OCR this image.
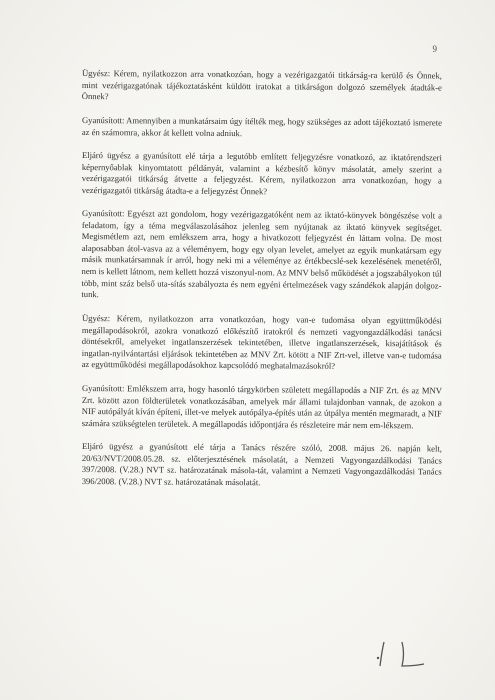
9

Ügyész: Kérem, nyilatkozzon arra vonatkozóan, hogy a vezérigazgatói titkárság-ra kerülő és Önnek, mint vezérigazgatónak tájékoztatásként küldött iratokat a titkárságon dolgozó személyek átadták-e Önnek?

Gyanúsított: Amennyiben a munkatársaim úgy ítélték meg, hogy szükséges az adott tájékoztató ismerete az én számomra, akkor át kellett volna adniuk.

Eljáró ügyész a gyanúsított elé tárja a legutóbb említett feljegyzésre vonatkozó, az iktatórendszeri képernyőablak kinyomtatott példányát, valamint a kézbesítő könyv másolatát, amely szerint a vezérigazgatói titkárság átvette a feljegyzést. Kérem, nyilatkozzon arra vonatkozóan, hogy a vezérigazgatói titkárság átadta-e a feljegyzést Önnek?

Gyanúsított: Egyészt azt gondolom, hogy vezérigazgatóként nem az iktató-könyvek böngészése volt a feladatom, így a téma megválaszolásához jelenleg sem nyújtanak az iktató könyvek segítséget. Megismétlem azt, nem emlékszem arra, hogy a hivatkozott feljegyzést én láttam volna. De most alaposabban átol-vasva az a véleményem, hogy egy olyan levelet, amelyet az egyik munkatársam egy másik munkatársamnak ír arról, hogy neki mi a véleménye az értékbecslé-sek kezelésének menetéről, nem is kellett látnom, nem kellett hozzá viszonyul-nom. Az MNV belső működését a jogszabályokon túl több, mint száz belső uta-sítás szabályozta és nem egyéni értelmezések vagy szándékok alapján dolgoz-tunk.

Ügyész: Kérem, nyilatkozzon arra vonatkozóan, hogy van-e tudomása olyan együttműködési megállapodásokról, azokra vonatkozó előkészítő iratokról és nemzeti vagyongazdálkodási tanácsi döntésekről, amelyeket ingatlanszerzések tekintetében, illetve ingatlanszerzések, kisajátítások és ingatlan-nyilvántartási eljárások tekintetében az MNV Zrt. kötött a NIF Zrt-vel, illetve van-e tudomása az együttműködési megállapodásokhoz kapcsolódó meghatalmazásokról?

Gyanúsított: Emlékszem arra, hogy hasonló tárgykörben született megállapodás a NIF Zrt. és az MNV Zrt. között azon földterületek vonatkozásában, amelyek már állami tulajdonban vannak, de azokon a NIF autópályát kíván építeni, illet-ve melyek autópálya-építés után az útpálya mentén megmaradt, a NIF számára szükségtelen területek. A megállapodás időpontjára és részleteire már nem em-lékszem.

Eljáró ügyész a gyanúsított elé tárja a Tanács részére szóló, 2008. május 26. napján kelt, 20/63/NVT/2008.05.28. sz. előterjesztésének másolatát, a Nemzeti Vagyongazdálkodási Tanács 397/2008. (V.28.) NVT sz. határozatának másola-tát, valamint a Nemzeti Vagyongazdálkodási Tanács 396/2008. (V.28.) NVT sz. határozatának másolatát.
